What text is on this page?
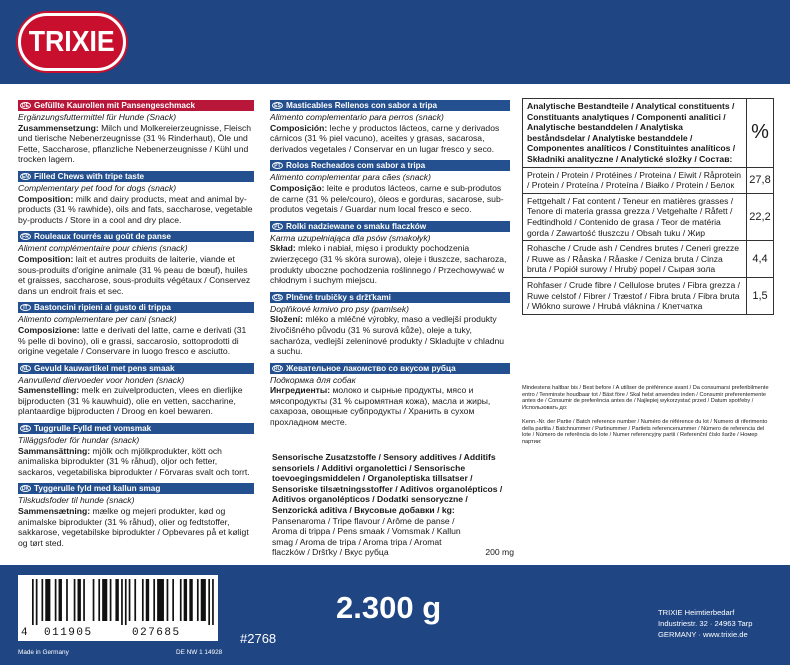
TRIXIE
DE Gefüllte Kaurollen mit Pansengeschmack
Ergänzungsfuttermittel für Hunde (Snack)
Zusammensetzung: Milch und Molkereierzeugnisse, Fleisch und tierische Nebenerzeugnisse (31 % Rinderhaut), Öle und Fette, Saccharose, pflanzliche Nebenerzeugnisse / Kühl und trocken lagern.
EN Filled Chews with tripe taste
Complementary pet food for dogs (snack)
Composition: milk and dairy products, meat and animal by-products (31 % rawhide), oils and fats, saccharose, vegetable by-products / Store in a cool and dry place.
FR Rouleaux fourrés au goût de panse
Aliment complémentaire pour chiens (snack)
Composition: lait et autres produits de laiterie, viande et sous-produits d'origine animale (31 % peau de bœuf), huiles et graisses, saccharose, sous-produits végétaux / Conservez dans un endroit frais et sec.
IT Bastoncini ripieni al gusto di trippa
Alimento complementare per cani (snack)
Composizione: latte e derivati del latte, carne e derivati (31 % pelle di bovino), oli e grassi, saccarosio, sottoprodotti di origine vegetale / Conservare in luogo fresco e asciutto.
NL Gevuld kauwartikel met pens smaak
Aanvullend diervoeder voor honden (snack)
Samenstelling: melk en zuivelproducten, vlees en dierlijke bijproducten (31 % kauwhuid), olie en vetten, saccharine, plantaardige bijproducten / Droog en koel bewaren.
SE Tuggrulle Fylld med vomsmak
Tilläggsfoder för hundar (snack)
Sammansättning: mjölk och mjölkprodukter, kött och animaliska biprodukter (31 % råhud), oljor och fetter, sackaros, vegetabiliska biprodukter / Förvaras svalt och torrt.
DK Tyggerulle fyld med kallun smag
Tilskudsfoder til hunde (snack)
Sammensætning: mælke og mejeri produkter, kød og animalske biprodukter (31 % råhud), olier og fedtstoffer, sakkarose, vegetabilske biprodukter / Opbevares på et køligt og tørt sted.
ES Masticables Rellenos con sabor a tripa
Alimento complementario para perros (snack)
Composición: leche y productos lácteos, carne y derivados cárnicos (31 % piel vacuno), aceites y grasas, sacarosa, derivados vegetales / Conservar en un lugar fresco y seco.
PT Rolos Recheados com sabor a tripa
Alimento complementar para cães (snack)
Composição: leite e produtos lácteos, carne e sub-produtos de carne (31 % pele/couro), óleos e gorduras, sacarose, sub-produtos vegetais / Guardar num local fresco e seco.
PL Rolki nadziewane o smaku flaczków
Karma uzupełniająca dla psów (smakołyk)
Skład: mleko i nabiał, mięso i produkty pochodzenia zwierzęcego (31 % skóra surowa), oleje i tłuszcze, sacharoza, produkty uboczne pochodzenia roślinnego / Przechowywać w chłodnym i suchym miejscu.
CS Plněné trubičky s držťkami
Doplňkové krmivo pro psy (pamlsek)
Složení: mléko a mléčné výrobky, maso a vedlejší produkty živočišného původu (31 % surová kůže), oleje a tuky, sacharóza, vedlejší zeleninové produkty / Skladujte v chladnu a suchu.
RU Жевательное лакомство со вкусом рубца
Подкормка для собак
Ингредиенты: молоко и сырные продукты, мясо и мясопродукты (31 % сыромятная кожа), масла и жиры, сахароза, овощные субпродукты / Хранить в сухом прохладном месте.
Analytische Bestandteile / Analytical constituents / Constituants analytiques / Componenti analitici / Analytische bestanddelen / Analytiska beståndsdelar / Analytiske bestanddele / Componentes analíticos / Constituintes analíticos / Składniki analityczne / Analytické složky / Состав:	%
Protein / Protein / Protéines / Proteina / Eiwit / Råprotein / Protein / Proteína / Proteína / Białko / Protein / Белок	27,8
Fettgehalt / Fat content / Teneur en matières grasses / Tenore di materia grassa grezza / Vetgehalte / Råfett / Fedtindhold / Contenido de grasa / Teor de matéria gorda / Zawartość tłuszczu / Obsah tuku / Жир	22,2
Rohasche / Crude ash / Cendres brutes / Ceneri grezze / Ruwe as / Råaska / Råaske / Ceniza bruta / Cinza bruta / Popiół surowy / Hrubý popel / Сырая зола	4,4
Rohfaser / Crude fibre / Cellulose brutes / Fibra grezza / Ruwe celstof / Fibrer / Træstof / Fibra bruta / Fibra bruta / Włókno surowe / Hrubá vláknina / Клетчатка	1,5
Mindestens haltbar bis / Best before / A utiliser de préférence avant / Da consumarsi preferibilmente entro / Tenminste houdbaar tot / Bäst före / Skal helst anvendes inden / Consumir preferentemente antes de / Consumir de preferência antes de / Najlepiej wykorzystać przed / Datum spotřeby / Использовать до:
Kenn.-Nr. der Partie / Batch reference number / Numéro de référence du lot / Numero di riferimento della partita / Batchnummer / Partinummer / Partiets referencenummer / Número de referencia del lote / Número de referência do lote / Numer referencyjny partii / Referenční číslo šarže / Номер партии:
Sensorische Zusatzstoffe / Sensory additives / Additifs sensoriels / Additivi organolettici / Sensorische toevoegingsmiddelen / Organoleptiska tillsatser / Sensoriske tilsætningsstoffer / Aditivos organolépticos / Aditivos organolépticos / Dodatki sensoryczne / Senzorická aditiva / Вкусовые добавки / kg:
Pansenaroma / Tripe flavour / Arôme de panse / Aroma di trippa / Pens smaak / Vomsmak / Kallun smag / Aroma de tripa / Aroma tripa / Aromat flaczków / Dršťky / Вкус рубца	200 mg
4 011905	027685	#2768
2.300 g	TRIXIE Heimtierbedarf
Industriestr. 32 · 24963 Tarp
GERMANY · www.trixie.de
Made in Germany	DE NW 1 14928
